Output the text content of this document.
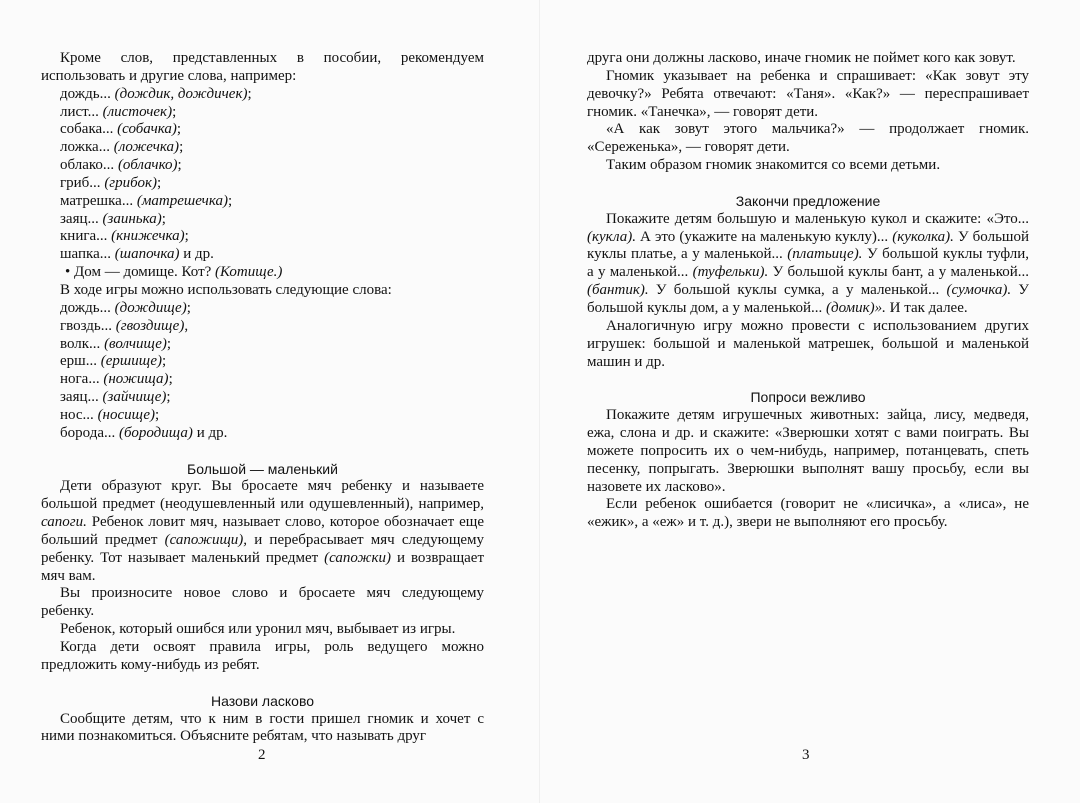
Кроме слов, представленных в пособии, рекомендуем использовать и другие слова, например:

дождь... (дождик, дождичек);

лист... (листочек);

собака... (собачка);

ложка... (ложечка);

облако... (облачко);

гриб... (грибок);

матрешка... (матрешечка);

заяц... (заинька);

книга... (книжечка);

шапка... (шапочка) и др.

• Дом — домище. Кот? (Котище.)

В ходе игры можно использовать следующие слова:

дождь... (дождище);

гвоздь... (гвоздище),

волк... (волчище);

ерш... (ершище);

нога... (ножища);

заяц... (зайчище);

нос... (носище);

борода... (бородища) и др.

Большой — маленький

Дети образуют круг. Вы бросаете мяч ребенку и называете большой предмет (неодушевленный или одушевленный), например, сапоги. Ребенок ловит мяч, называет слово, которое обозначает еще больший предмет (сапожищи), и перебрасывает мяч следующему ребенку. Тот называет маленький предмет (сапожки) и возвращает мяч вам.

Вы произносите новое слово и бросаете мяч следующему ребенку.

Ребенок, который ошибся или уронил мяч, выбывает из игры.

Когда дети освоят правила игры, роль ведущего можно предложить кому-нибудь из ребят.

Назови ласково

Сообщите детям, что к ним в гости пришел гномик и хочет с ними познакомиться. Объясните ребятам, что называть друг

2

друга они должны ласково, иначе гномик не поймет кого как зовут.

Гномик указывает на ребенка и спрашивает: «Как зовут эту девочку?» Ребята отвечают: «Таня». «Как?» — переспрашивает гномик. «Танечка», — говорят дети.

«А как зовут этого мальчика?» — продолжает гномик. «Сереженька», — говорят дети.

Таким образом гномик знакомится со всеми детьми.

Закончи предложение

Покажите детям большую и маленькую кукол и скажите: «Это... (кукла). А это (укажите на маленькую куклу)... (куколка). У большой куклы платье, а у маленькой... (платьице). У большой куклы туфли, а у маленькой... (туфельки). У большой куклы бант, а у маленькой... (бантик). У большой куклы сумка, а у маленькой... (сумочка). У большой куклы дом, а у маленькой... (домик)». И так далее.

Аналогичную игру можно провести с использованием других игрушек: большой и маленькой матрешек, большой и маленькой машин и др.

Попроси вежливо

Покажите детям игрушечных животных: зайца, лису, медведя, ежа, слона и др. и скажите: «Зверюшки хотят с вами поиграть. Вы можете попросить их о чем-нибудь, например, потанцевать, спеть песенку, попрыгать. Зверюшки выполнят вашу просьбу, если вы назовете их ласково».

Если ребенок ошибается (говорит не «лисичка», а «лиса», не «ежик», а «еж» и т. д.), звери не выполняют его просьбу.

3
